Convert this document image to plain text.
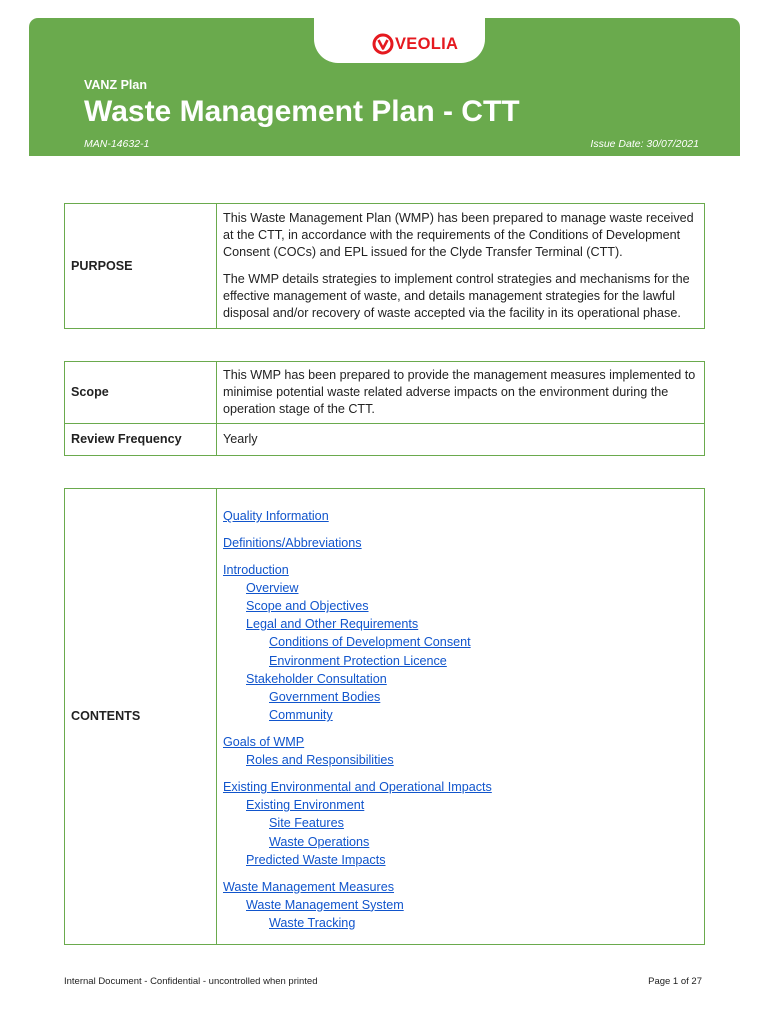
VEOLIA
VANZ Plan
Waste Management Plan - CTT
MAN-14632-1	Issue Date: 30/07/2021
PURPOSE	

This Waste Management Plan (WMP) has been prepared to manage waste received at the CTT, in accordance with the requirements of the Conditions of Development Consent (COCs) and EPL issued for the Clyde Transfer Terminal (CTT).

The WMP details strategies to implement control strategies and mechanisms for the effective management of waste, and details management strategies for the lawful disposal and/or recovery of waste accepted via the facility in its operational phase.

Scope	This WMP has been prepared to provide the management measures implemented to minimise potential waste related adverse impacts on the environment during the operation stage of the CTT.
Review Frequency	Yearly
CONTENTS	
Quality Information
Definitions/Abbreviations
Introduction
Overview
Scope and Objectives
Legal and Other Requirements
Conditions of Development Consent
Environment Protection Licence
Stakeholder Consultation
Government Bodies
Community
Goals of WMP
Roles and Responsibilities
Existing Environmental and Operational Impacts
Existing Environment
Site Features
Waste Operations
Predicted Waste Impacts
Waste Management Measures
Waste Management System
Waste Tracking
Internal Document - Confidential - uncontrolled when printed	Page 1 of 27
